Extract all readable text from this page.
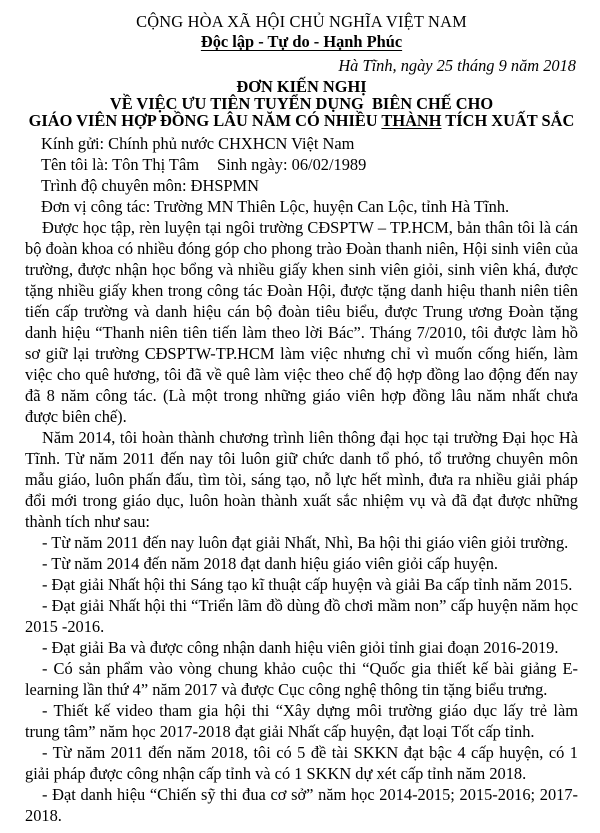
CỘNG HÒA XÃ HỘI CHỦ NGHĨA VIỆT NAM
Độc lập - Tự do - Hạnh Phúc
Hà Tĩnh, ngày 25 tháng 9 năm 2018
ĐƠN KIẾN NGHỊ
VỀ VIỆC ƯU TIÊN TUYỂN DỤNG  BIÊN CHẾ CHO
GIÁO VIÊN HỢP ĐỒNG LÂU NĂM CÓ NHIỀU THÀNH TÍCH XUẤT SẮC
Kính gửi: Chính phủ nước CHXHCN Việt Nam
Tên tôi là: Tôn Thị Tâm Sinh ngày: 06/02/1989
Trình độ chuyên môn: ĐHSPMN
Đơn vị công tác: Trường MN Thiên Lộc, huyện Can Lộc, tỉnh Hà Tĩnh.

Được học tập, rèn luyện tại ngôi trường CĐSPTW – TP.HCM, bản thân tôi là cán bộ đoàn khoa có nhiều đóng góp cho phong trào Đoàn thanh niên, Hội sinh viên của trường, được nhận học bổng và nhiều giấy khen sinh viên giỏi, sinh viên khá, được tặng nhiều giấy khen trong công tác Đoàn Hội, được tặng danh hiệu thanh niên tiên tiến cấp trường và danh hiệu cán bộ đoàn tiêu biểu, được Trung ương Đoàn tặng danh hiệu “Thanh niên tiên tiến làm theo lời Bác”. Tháng 7/2010, tôi được làm hồ sơ giữ lại trường CĐSPTW-TP.HCM làm việc nhưng chỉ vì muốn cống hiến, làm việc cho quê hương, tôi đã về quê làm việc theo chế độ hợp đồng lao động đến nay đã 8 năm công tác. (Là một trong những giáo viên hợp đồng lâu năm nhất chưa được biên chế).

Năm 2014, tôi hoàn thành chương trình liên thông đại học tại trường Đại học Hà Tĩnh. Từ năm 2011 đến nay tôi luôn giữ chức danh tổ phó, tổ trưởng chuyên môn mẫu giáo, luôn phấn đấu, tìm tòi, sáng tạo, nỗ lực hết mình, đưa ra nhiều giải pháp đổi mới trong giáo dục, luôn hoàn thành xuất sắc nhiệm vụ và đã đạt được những thành tích như sau:

- Từ năm 2011 đến nay luôn đạt giải Nhất, Nhì, Ba hội thi giáo viên giỏi trường.

- Từ năm 2014 đến năm 2018 đạt danh hiệu giáo viên giỏi cấp huyện.

- Đạt giải Nhất hội thi Sáng tạo kĩ thuật cấp huyện và giải Ba cấp tỉnh năm 2015.

- Đạt giải Nhất hội thi “Triển lãm đồ dùng đồ chơi mầm non” cấp huyện năm học 2015 -2016.

- Đạt giải Ba và được công nhận danh hiệu viên giỏi tỉnh giai đoạn 2016-2019.

- Có sản phẩm vào vòng chung khảo cuộc thi “Quốc gia thiết kế bài giảng E-learning lần thứ 4” năm 2017 và được Cục công nghệ thông tin tặng biểu trưng.

- Thiết kế video tham gia hội thi “Xây dựng môi trường giáo dục lấy trẻ làm trung tâm” năm học 2017-2018 đạt giải Nhất cấp huyện, đạt loại Tốt cấp tỉnh.

- Từ năm 2011 đến năm 2018, tôi có 5 đề tài SKKN đạt bậc 4 cấp huyện, có 1 giải pháp được công nhận cấp tỉnh và có 1 SKKN dự xét cấp tỉnh năm 2018.

- Đạt danh hiệu “Chiến sỹ thi đua cơ sở” năm học 2014-2015; 2015-2016; 2017-2018.
